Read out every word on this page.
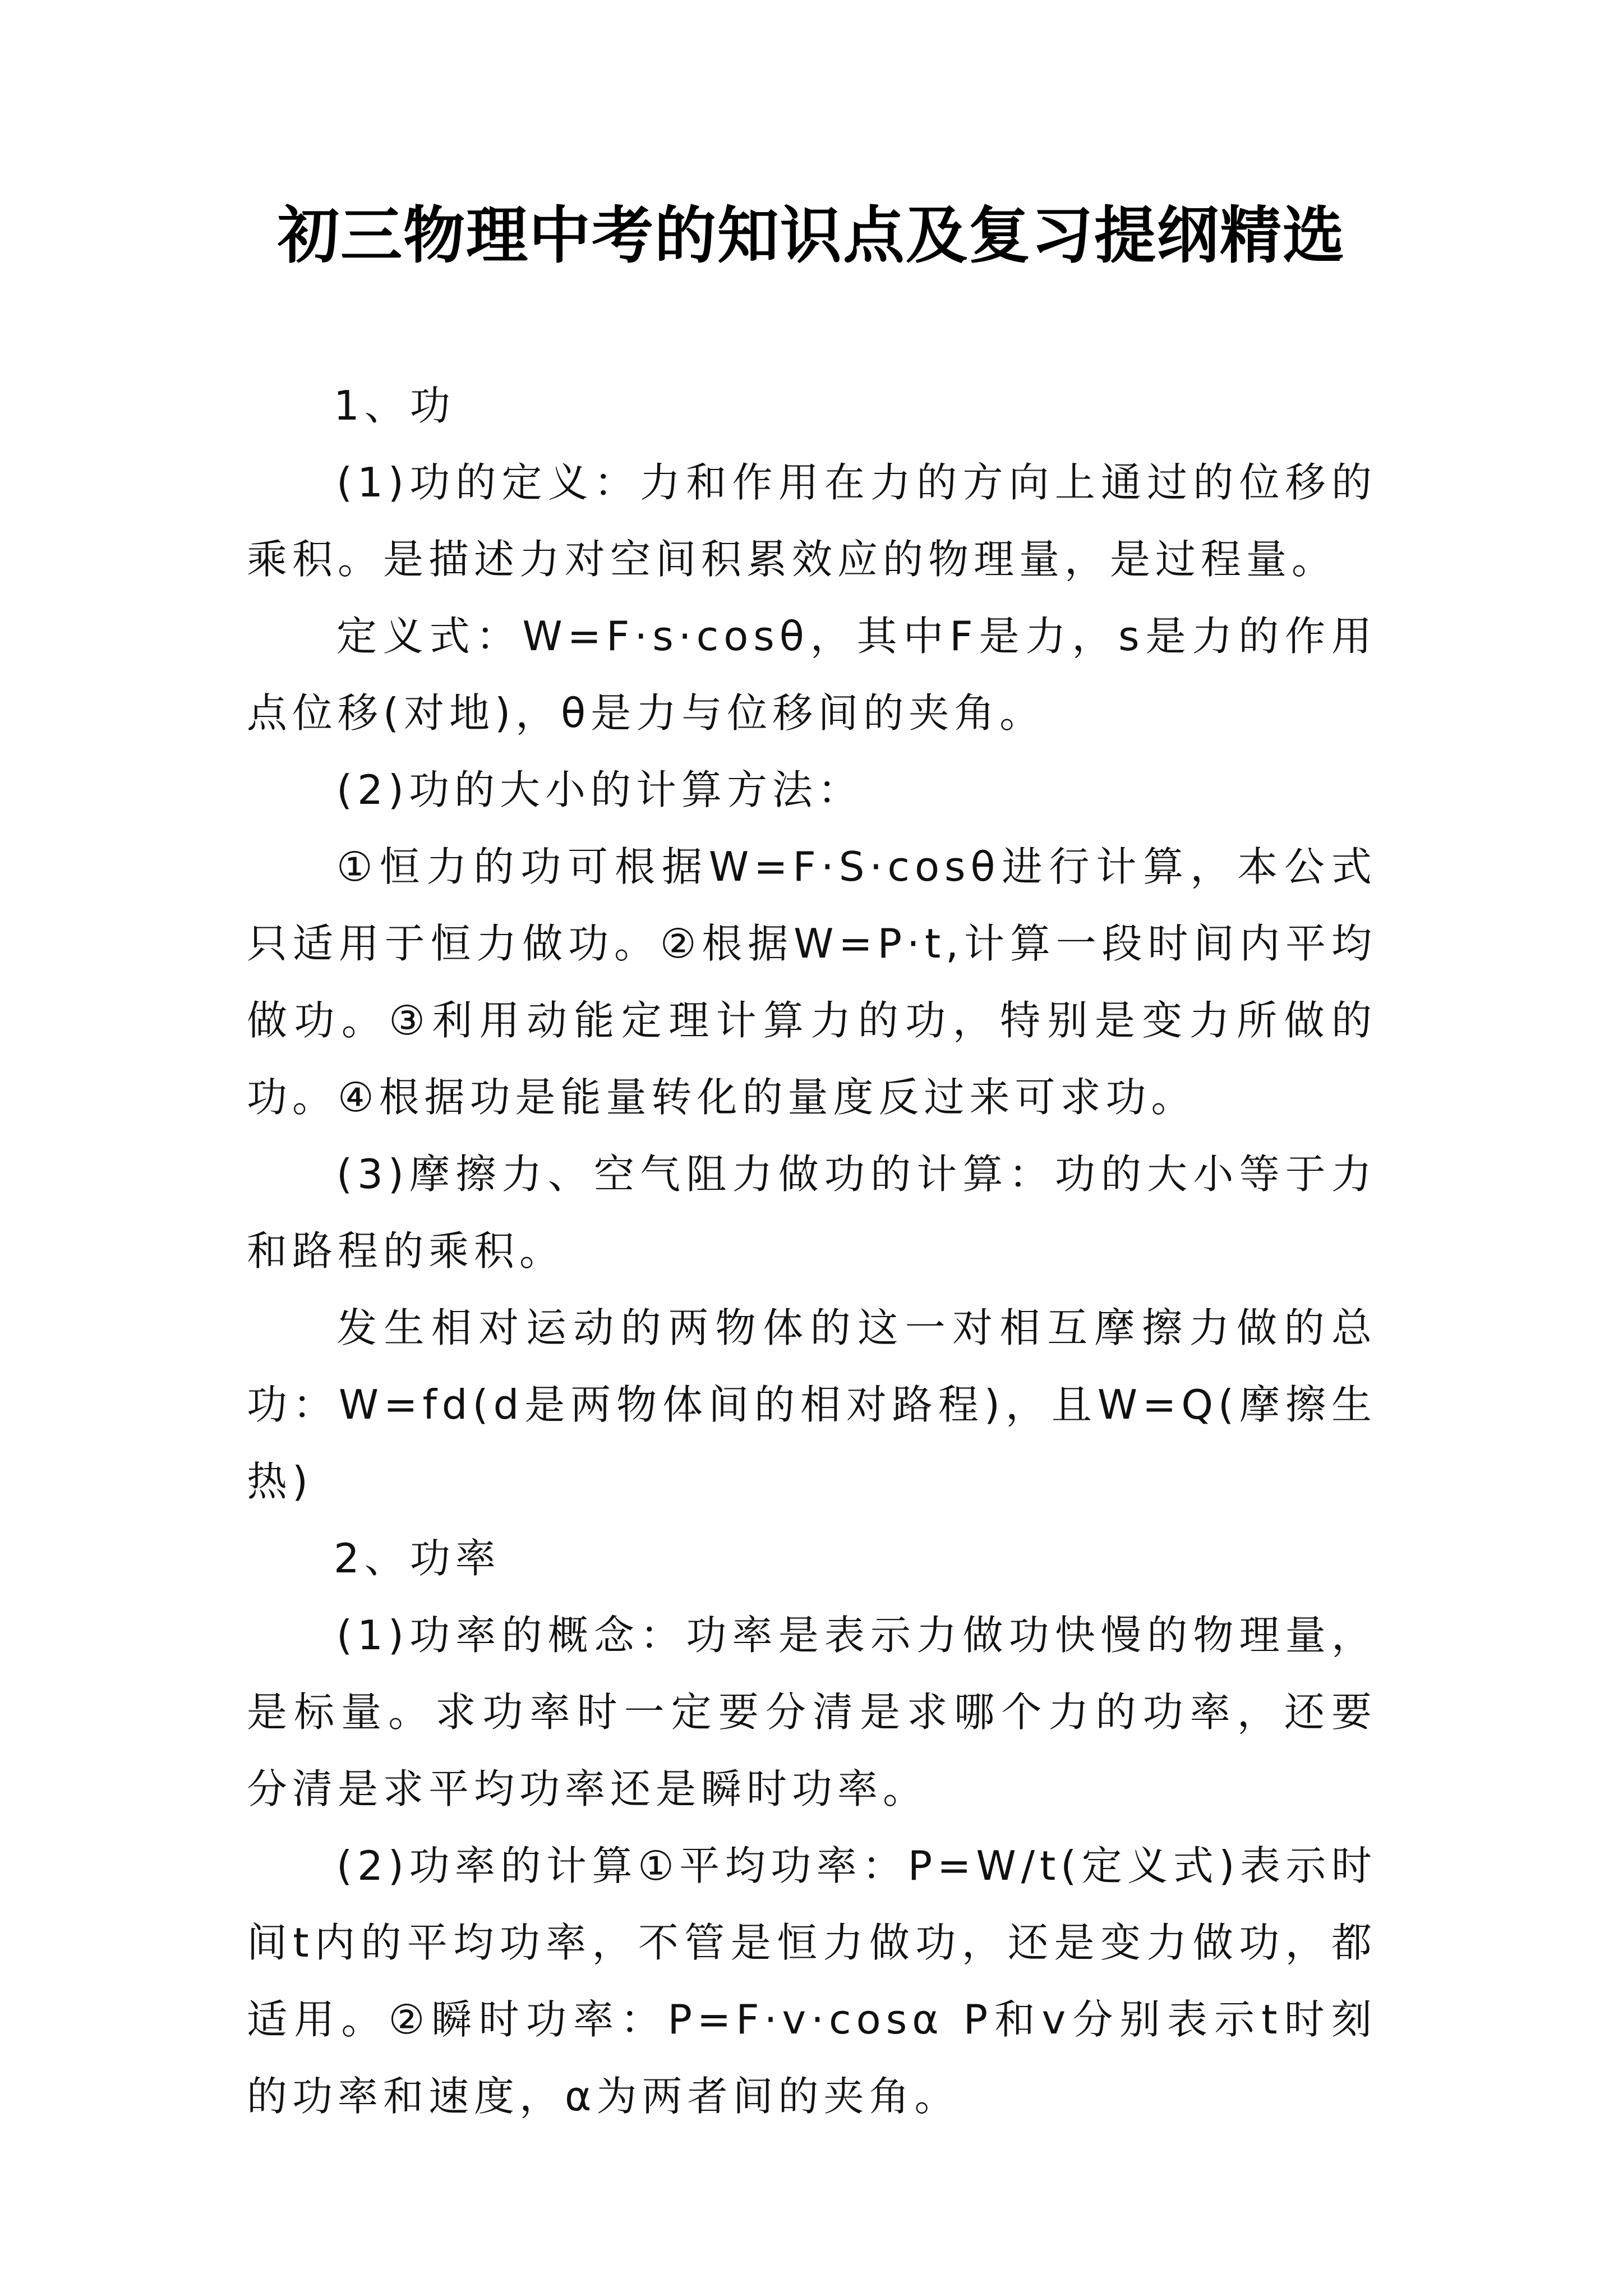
初三物理中考的知识点及复习提纲精选

1、功

(1)功的定义：力和作用在力的方向上通过的位移的乘积。是描述力对空间积累效应的物理量，是过程量。

定义式：W=F·s·cosθ，其中F是力，s是力的作用点位移(对地)，θ是力与位移间的夹角。

(2)功的大小的计算方法：

①恒力的功可根据W=F·S·cosθ进行计算，本公式只适用于恒力做功。②根据W=P·t,计算一段时间内平均做功。③利用动能定理计算力的功，特别是变力所做的功。④根据功是能量转化的量度反过来可求功。

(3)摩擦力、空气阻力做功的计算：功的大小等于力和路程的乘积。

发生相对运动的两物体的这一对相互摩擦力做的总功：W=fd(d是两物体间的相对路程)，且W=Q(摩擦生热)

2、功率

(1)功率的概念：功率是表示力做功快慢的物理量，是标量。求功率时一定要分清是求哪个力的功率，还要分清是求平均功率还是瞬时功率。

(2)功率的计算①平均功率：P=W/t(定义式)表示时间t内的平均功率，不管是恒力做功，还是变力做功，都适用。②瞬时功率：P=F·v·cosα P和v分别表示t时刻的功率和速度，α为两者间的夹角。
